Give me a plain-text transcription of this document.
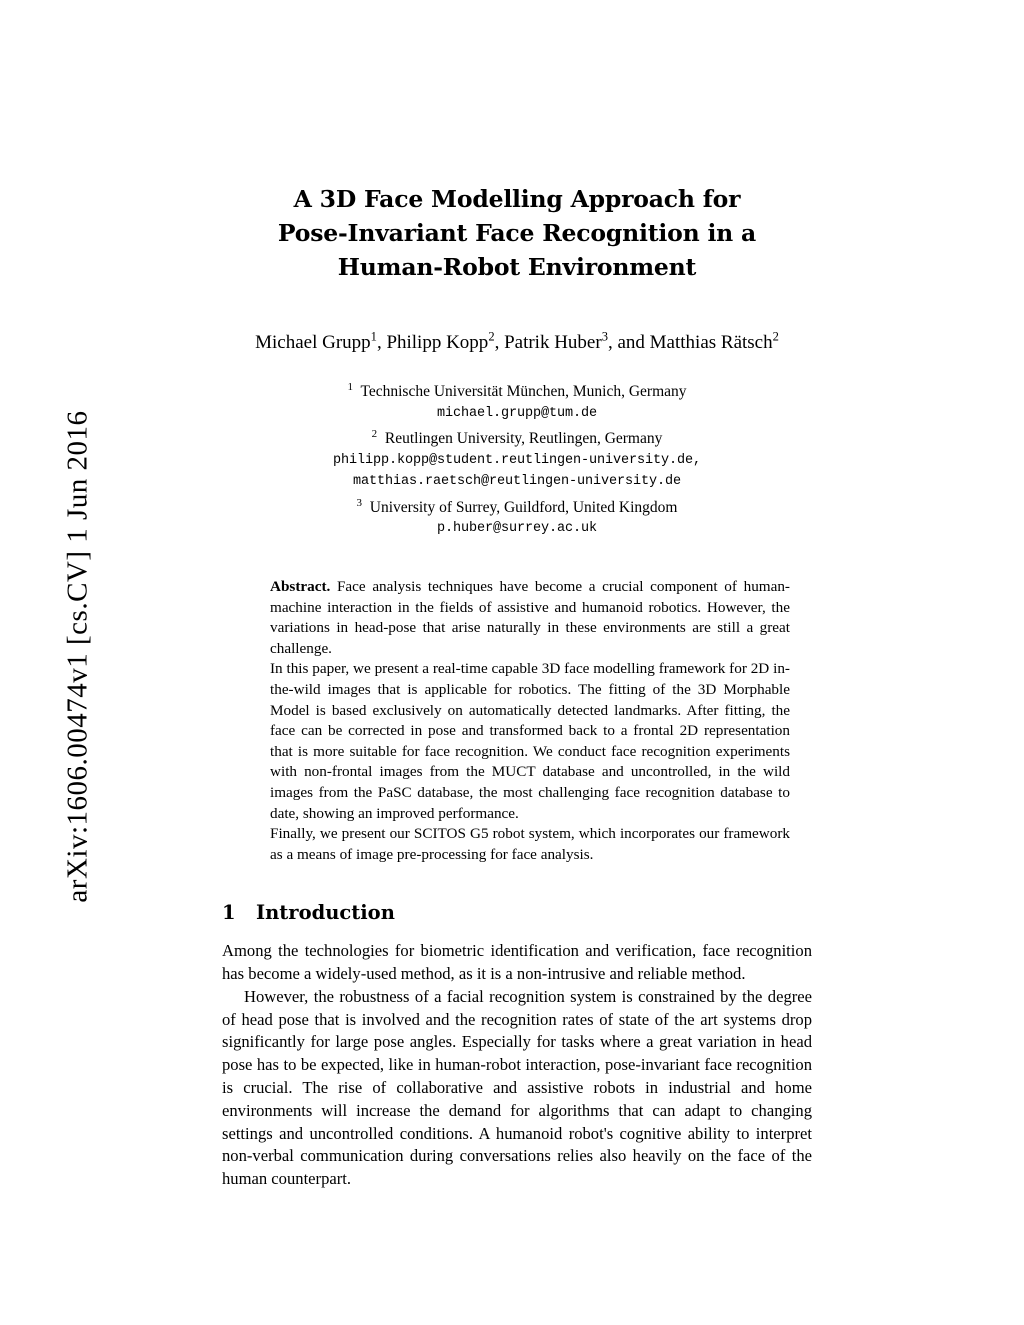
arXiv:1606.00474v1 [cs.CV] 1 Jun 2016
A 3D Face Modelling Approach for
Pose-Invariant Face Recognition in a
Human-Robot Environment
Michael Grupp$^1$, Philipp Kopp$^2$, Patrik Huber$^3$, and Matthias Rätsch$^2$
$^1$ Technische Universität München, Munich, Germany
michael.grupp@tum.de
$^2$ Reutlingen University, Reutlingen, Germany
philipp.kopp@student.reutlingen-university.de,
matthias.raetsch@reutlingen-university.de
$^3$ University of Surrey, Guildford, United Kingdom
p.huber@surrey.ac.uk

Abstract. Face analysis techniques have become a crucial component of human-machine interaction in the fields of assistive and humanoid robotics. However, the variations in head-pose that arise naturally in these environments are still a great challenge.

In this paper, we present a real-time capable 3D face modelling framework for 2D in-the-wild images that is applicable for robotics. The fitting of the 3D Morphable Model is based exclusively on automatically detected landmarks. After fitting, the face can be corrected in pose and transformed back to a frontal 2D representation that is more suitable for face recognition. We conduct face recognition experiments with non-frontal images from the MUCT database and uncontrolled, in the wild images from the PaSC database, the most challenging face recognition database to date, showing an improved performance.

Finally, we present our SCITOS G5 robot system, which incorporates our framework as a means of image pre-processing for face analysis.

1 Introduction

Among the technologies for biometric identification and verification, face recognition has become a widely-used method, as it is a non-intrusive and reliable method.

However, the robustness of a facial recognition system is constrained by the degree of head pose that is involved and the recognition rates of state of the art systems drop significantly for large pose angles. Especially for tasks where a great variation in head pose has to be expected, like in human-robot interaction, pose-invariant face recognition is crucial. The rise of collaborative and assistive robots in industrial and home environments will increase the demand for algorithms that can adapt to changing settings and uncontrolled conditions. A humanoid robot's cognitive ability to interpret non-verbal communication during conversations relies also heavily on the face of the human counterpart.
